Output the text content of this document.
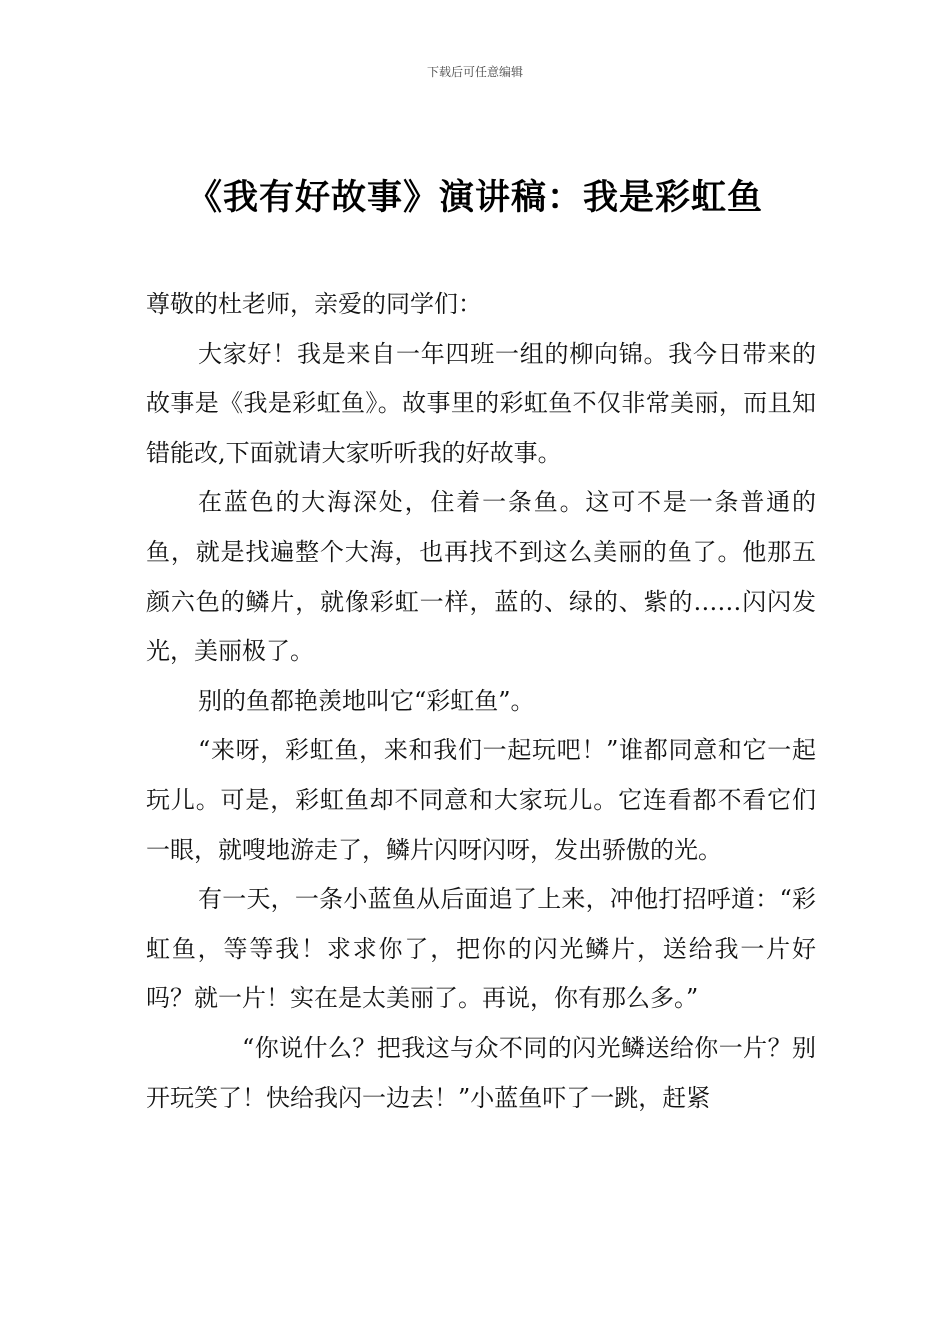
下载后可任意编辑
《我有好故事》演讲稿：我是彩虹鱼

尊敬的杜老师，亲爱的同学们：

大家好！我是来自一年四班一组的柳向锦。我今日带来的故事是《我是彩虹鱼》。故事里的彩虹鱼不仅非常美丽，而且知错能改,下面就请大家听听我的好故事。

在蓝色的大海深处，住着一条鱼。这可不是一条普通的鱼，就是找遍整个大海，也再找不到这么美丽的鱼了。他那五颜六色的鳞片，就像彩虹一样，蓝的、绿的、紫的……闪闪发光，美丽极了。

别的鱼都艳羡地叫它“彩虹鱼”。

“来呀，彩虹鱼，来和我们一起玩吧！”谁都同意和它一起玩儿。可是，彩虹鱼却不同意和大家玩儿。它连看都不看它们一眼，就嗖地游走了，鳞片闪呀闪呀，发出骄傲的光。

有一天，一条小蓝鱼从后面追了上来，冲他打招呼道：“彩虹鱼，等等我！求求你了，把你的闪光鳞片，送给我一片好吗？就一片！实在是太美丽了。再说，你有那么多。”

“你说什么？把我这与众不同的闪光鳞送给你一片？别开玩笑了！快给我闪一边去！”小蓝鱼吓了一跳，赶紧
